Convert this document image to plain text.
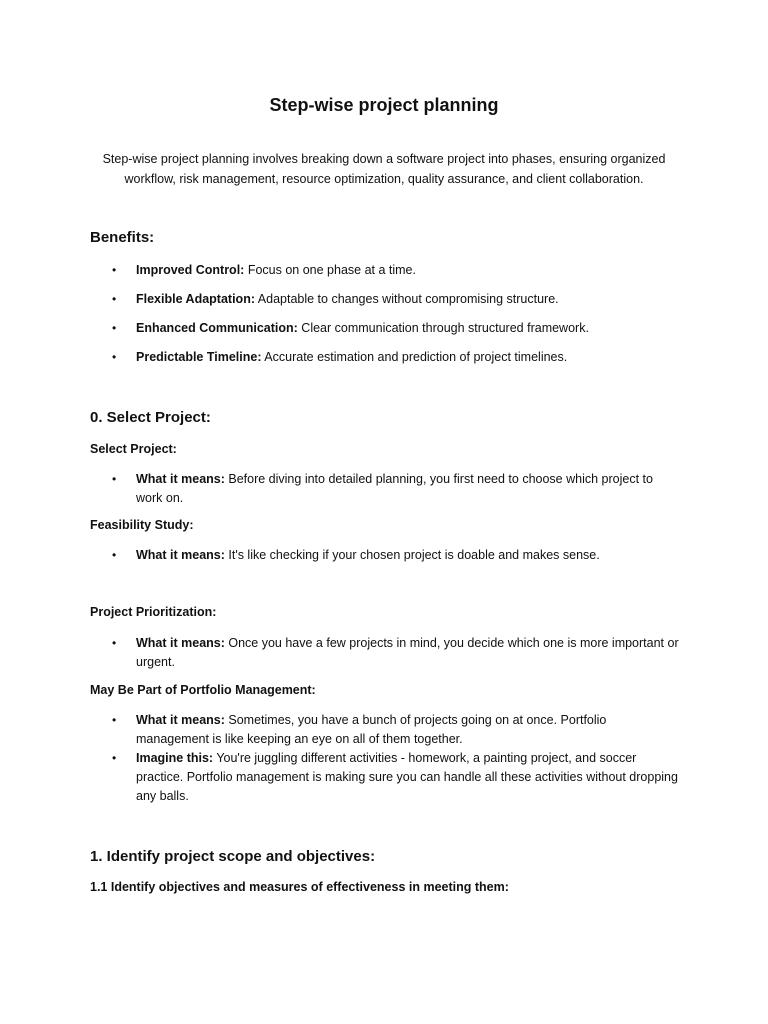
Step-wise project planning

Step-wise project planning involves breaking down a software project into phases, ensuring organized workflow, risk management, resource optimization, quality assurance, and client collaboration.

Benefits:
• Improved Control: Focus on one phase at a time.
• Flexible Adaptation: Adaptable to changes without compromising structure.
• Enhanced Communication: Clear communication through structured framework.
• Predictable Timeline: Accurate estimation and prediction of project timelines.
0. Select Project:
Select Project:
• What it means: Before diving into detailed planning, you first need to choose which project to work on.
Feasibility Study:
• What it means: It's like checking if your chosen project is doable and makes sense.
Project Prioritization:
• What it means: Once you have a few projects in mind, you decide which one is more important or urgent.
May Be Part of Portfolio Management:
• What it means: Sometimes, you have a bunch of projects going on at once. Portfolio management is like keeping an eye on all of them together.
• Imagine this: You're juggling different activities - homework, a painting project, and soccer practice. Portfolio management is making sure you can handle all these activities without dropping any balls.
1. Identify project scope and objectives:
1.1 Identify objectives and measures of effectiveness in meeting them:
